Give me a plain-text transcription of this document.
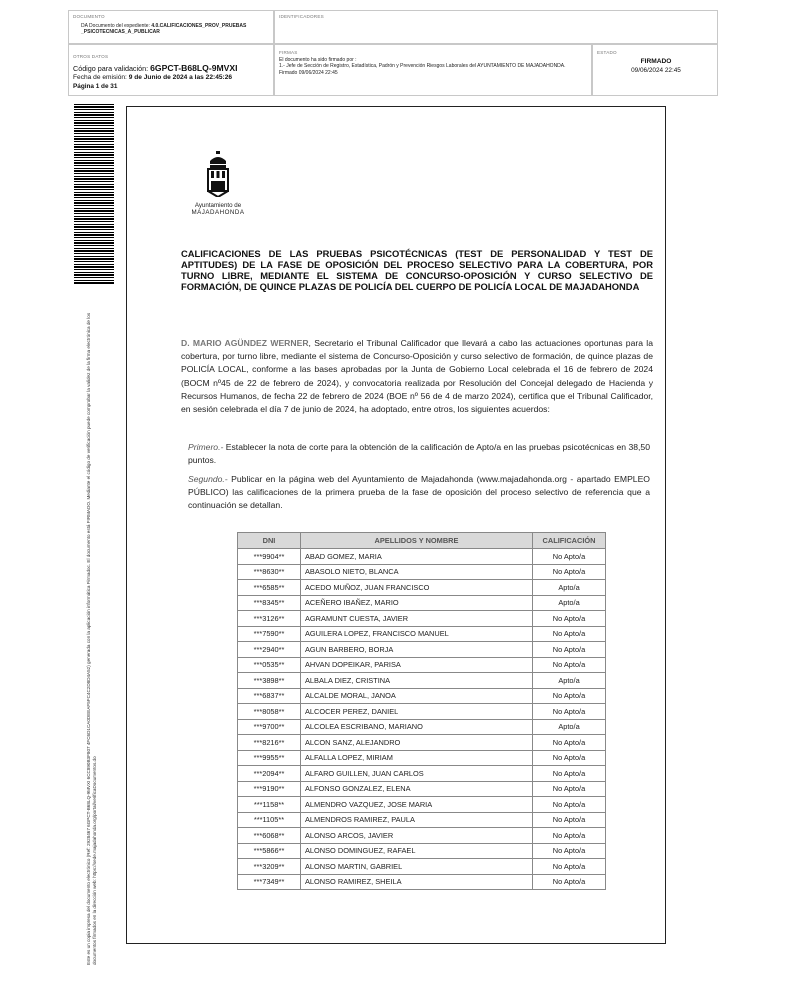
DOCUMENTO
DA Documento del expediente: 4.0.CALIFICACIONES_PROV_PRUEBAS
_PSICOTECNICAS_A_PUBLICAR
IDENTIFICADORES
OTROS DATOS
Código para validación: 6GPCT-B68LQ-9MVXI
Fecha de emisión: 9 de Junio de 2024 a las 22:45:26
Página 1 de 31
FIRMAS
El documento ha sido firmado por :
1.- Jefe de Sección de Registro, Estadística, Padrón y Prevención Riesgos Laborales del AYUNTAMIENTO DE MAJADAHONDA. Firmado 09/06/2024 22:45
ESTADO
FIRMADO
09/06/2024 22:45
Este es un copia impresa del documento electrónico (Ref: 2928467 6GPCT-B68LQ-9MVXI 6CC890B3F807 4FC6D1CA0DEEAF5FC4C2D8D4A52) generada con la aplicación informática Firmadoc. El documento está FIRMADO. Mediante el código de verificación puede comprobar la validez de la firma electrónica de los documentos firmados en la dirección web: https://sede.majadahonda.org/portal/verificaDocumentos.do
Ayuntamiento de
MAJADAHONDA
CALIFICACIONES DE LAS PRUEBAS PSICOTÉCNICAS (TEST DE PERSONALIDAD Y TEST DE APTITUDES) DE LA FASE DE OPOSICIÓN DEL PROCESO SELECTIVO PARA LA COBERTURA, POR TURNO LIBRE, MEDIANTE EL SISTEMA DE CONCURSO-OPOSICIÓN Y CURSO SELECTIVO DE FORMACIÓN, DE QUINCE PLAZAS DE POLICÍA DEL CUERPO DE POLICÍA LOCAL DE MAJADAHONDA
D. MARIO AGÜNDEZ WERNER, Secretario el Tribunal Calificador que llevará a cabo las actuaciones oportunas para la cobertura, por turno libre, mediante el sistema de Concurso-Oposición y curso selectivo de formación, de quince plazas de POLICÍA LOCAL, conforme a las bases aprobadas por la Junta de Gobierno Local celebrada el 16 de febrero de 2024 (BOCM nº45 de 22 de febrero de 2024), y convocatoria realizada por Resolución del Concejal delegado de Hacienda y Recursos Humanos, de fecha 22 de febrero de 2024 (BOE nº 56 de 4 de marzo 2024), certifica que el Tribunal Calificador, en sesión celebrada el día 7 de junio de 2024, ha adoptado, entre otros, los siguientes acuerdos:
Primero.- Establecer la nota de corte para la obtención de la calificación de Apto/a en las pruebas psicotécnicas en 38,50 puntos.
Segundo.- Publicar en la página web del Ayuntamiento de Majadahonda (www.majadahonda.org - apartado EMPLEO PÚBLICO) las calificaciones de la primera prueba de la fase de oposición del proceso selectivo de referencia que a continuación se detallan.
DNI	APELLIDOS Y NOMBRE	CALIFICACIÓN
***9904**	ABAD GOMEZ, MARIA	No Apto/a
***8630**	ABASOLO NIETO, BLANCA	No Apto/a
***6585**	ACEDO MUÑOZ, JUAN FRANCISCO	Apto/a
***8345**	ACEÑERO IBAÑEZ, MARIO	Apto/a
***3126**	AGRAMUNT CUESTA, JAVIER	No Apto/a
***7590**	AGUILERA LOPEZ, FRANCISCO MANUEL	No Apto/a
***2940**	AGUN BARBERO, BORJA	No Apto/a
***0535**	AHVAN DOPEIKAR, PARISA	No Apto/a
***3898**	ALBALA DIEZ, CRISTINA	Apto/a
***6837**	ALCALDE MORAL, JANOA	No Apto/a
***8058**	ALCOCER PEREZ, DANIEL	No Apto/a
***9700**	ALCOLEA ESCRIBANO, MARIANO	Apto/a
***8216**	ALCON SANZ, ALEJANDRO	No Apto/a
***9955**	ALFALLA LOPEZ, MIRIAM	No Apto/a
***2094**	ALFARO GUILLEN, JUAN CARLOS	No Apto/a
***9190**	ALFONSO GONZALEZ, ELENA	No Apto/a
***1158**	ALMENDRO VAZQUEZ, JOSE MARIA	No Apto/a
***1105**	ALMENDROS RAMIREZ, PAULA	No Apto/a
***6068**	ALONSO ARCOS, JAVIER	No Apto/a
***5866**	ALONSO DOMINGUEZ, RAFAEL	No Apto/a
***3209**	ALONSO MARTIN, GABRIEL	No Apto/a
***7349**	ALONSO RAMIREZ, SHEILA	No Apto/a
